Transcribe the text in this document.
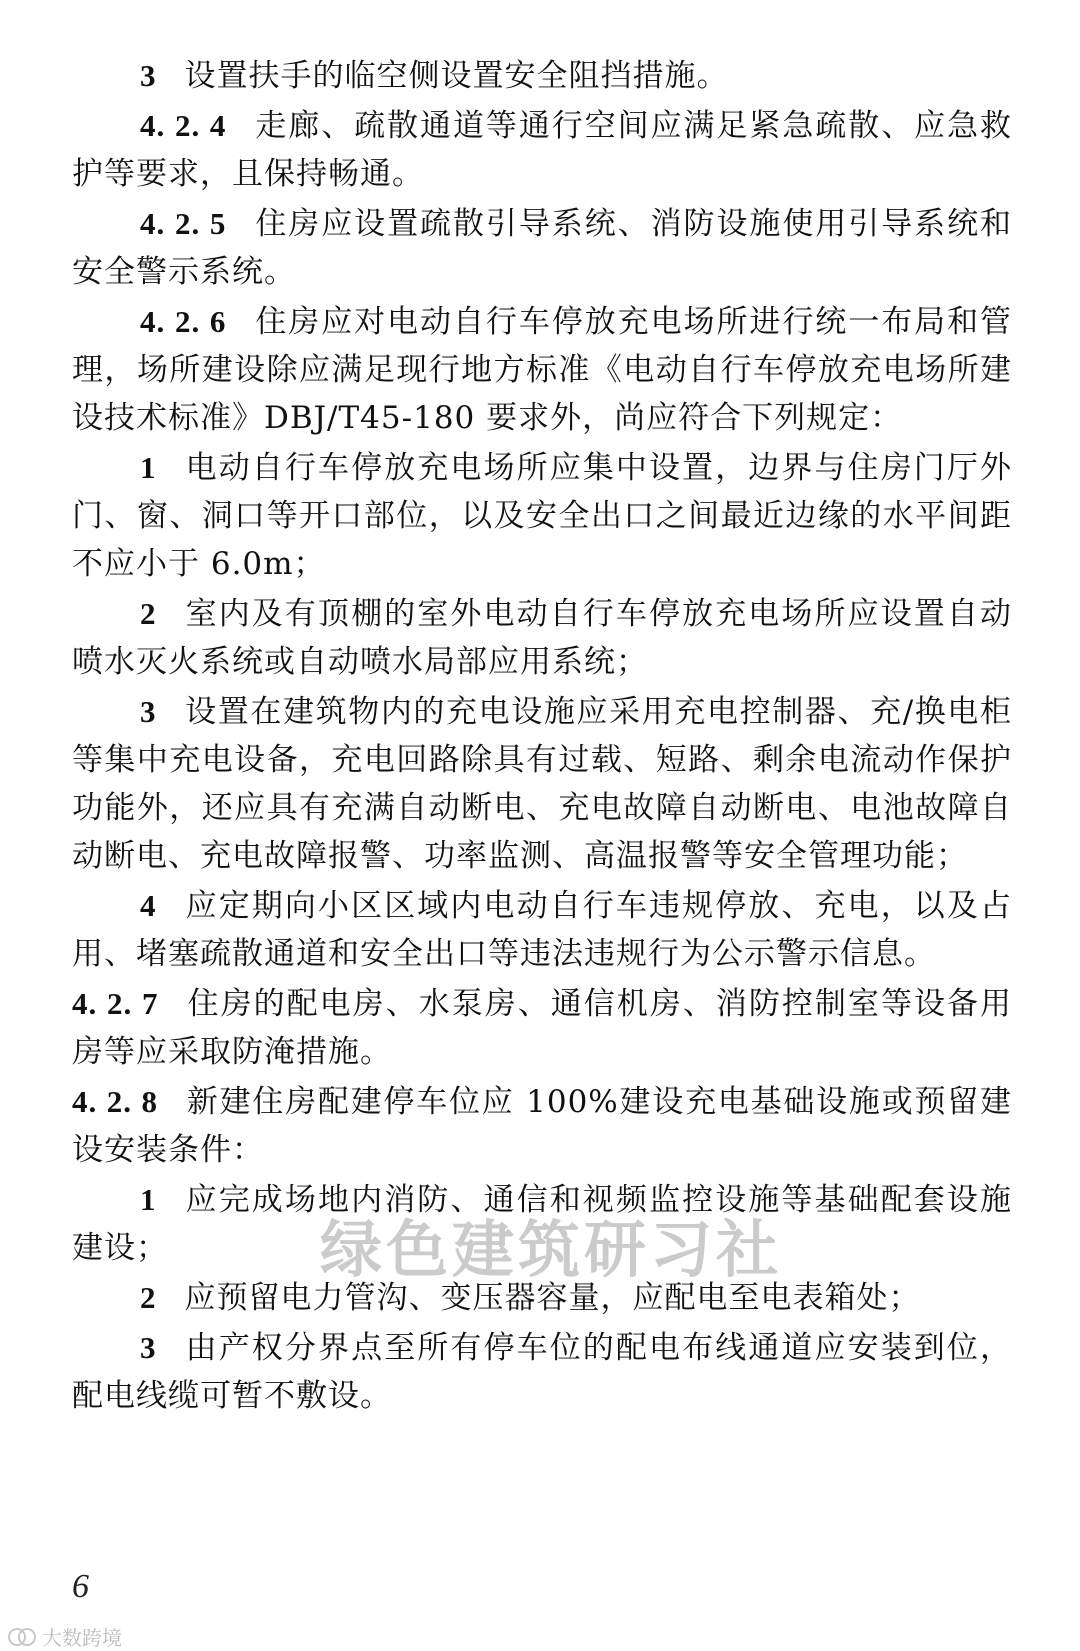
3 设置扶手的临空侧设置安全阻挡措施。

4. 2. 4 走廊、疏散通道等通行空间应满足紧急疏散、应急救护等要求，且保持畅通。

4. 2. 5 住房应设置疏散引导系统、消防设施使用引导系统和安全警示系统。

4. 2. 6 住房应对电动自行车停放充电场所进行统一布局和管理，场所建设除应满足现行地方标准《电动自行车停放充电场所建设技术标准》DBJ/T45-180 要求外，尚应符合下列规定：

1 电动自行车停放充电场所应集中设置，边界与住房门厅外门、窗、洞口等开口部位，以及安全出口之间最近边缘的水平间距不应小于 6.0m；

2 室内及有顶棚的室外电动自行车停放充电场所应设置自动喷水灭火系统或自动喷水局部应用系统；

3 设置在建筑物内的充电设施应采用充电控制器、充/换电柜等集中充电设备，充电回路除具有过载、短路、剩余电流动作保护功能外，还应具有充满自动断电、充电故障自动断电、电池故障自动断电、充电故障报警、功率监测、高温报警等安全管理功能；

4 应定期向小区区域内电动自行车违规停放、充电，以及占用、堵塞疏散通道和安全出口等违法违规行为公示警示信息。

4. 2. 7 住房的配电房、水泵房、通信机房、消防控制室等设备用房等应采取防淹措施。

4. 2. 8 新建住房配建停车位应 100%建设充电基础设施或预留建设安装条件：

1 应完成场地内消防、通信和视频监控设施等基础配套设施建设；

2 应预留电力管沟、变压器容量，应配电至电表箱处；

3 由产权分界点至所有停车位的配电布线通道应安装到位，配电线缆可暂不敷设。

绿色建筑研习社
6
大数跨境
